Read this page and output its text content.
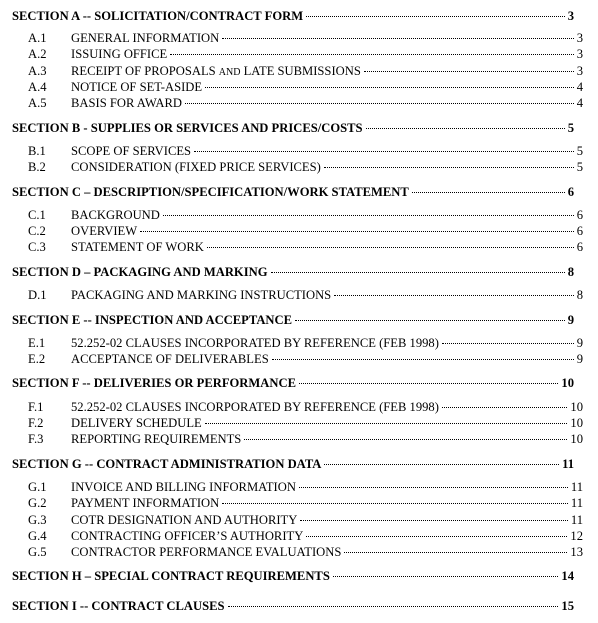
SECTION A -- SOLICITATION/CONTRACT FORM	3
A.1	GENERAL INFORMATION	3
A.2	ISSUING OFFICE	3
A.3	RECEIPT OF PROPOSALS AND LATE SUBMISSIONS	3
A.4	NOTICE OF SET-ASIDE	4
A.5	BASIS FOR AWARD	4
SECTION B - SUPPLIES OR SERVICES AND PRICES/COSTS	5
B.1	SCOPE OF SERVICES	5
B.2	CONSIDERATION (FIXED PRICE SERVICES)	5
SECTION C – DESCRIPTION/SPECIFICATION/WORK STATEMENT	6
C.1	BACKGROUND	6
C.2	OVERVIEW	6
C.3	STATEMENT OF WORK	6
SECTION D – PACKAGING AND MARKING	8
D.1	PACKAGING AND MARKING INSTRUCTIONS	8
SECTION E -- INSPECTION AND ACCEPTANCE	9
E.1	52.252-02 CLAUSES INCORPORATED BY REFERENCE (FEB 1998)	9
E.2	ACCEPTANCE OF DELIVERABLES	9
SECTION F -- DELIVERIES OR PERFORMANCE	10
F.1	52.252-02 CLAUSES INCORPORATED BY REFERENCE (FEB 1998)	10
F.2	DELIVERY SCHEDULE	10
F.3	REPORTING REQUIREMENTS	10
SECTION G -- CONTRACT ADMINISTRATION DATA	11
G.1	INVOICE AND BILLING INFORMATION	11
G.2	PAYMENT INFORMATION	11
G.3	COTR DESIGNATION AND AUTHORITY	11
G.4	CONTRACTING OFFICER’S AUTHORITY	12
G.5	CONTRACTOR PERFORMANCE EVALUATIONS	13
SECTION H – SPECIAL CONTRACT REQUIREMENTS	14
SECTION I -- CONTRACT CLAUSES	15
